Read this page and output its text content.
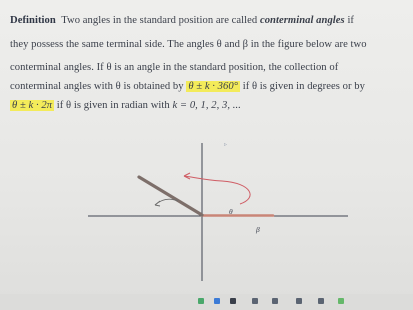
Definition Two angles in the standard position are called conterminal angles if
they possess the same terminal side. The angles θ and β in the figure below are two
conterminal angles. If θ is an angle in the standard position, the collection of
conterminal angles with θ is obtained by θ ± k · 360° if θ is given in degrees or by
θ ± k · 2π if θ is given in radian with k = 0, 1, 2, 3, ...
θ
β
▹
